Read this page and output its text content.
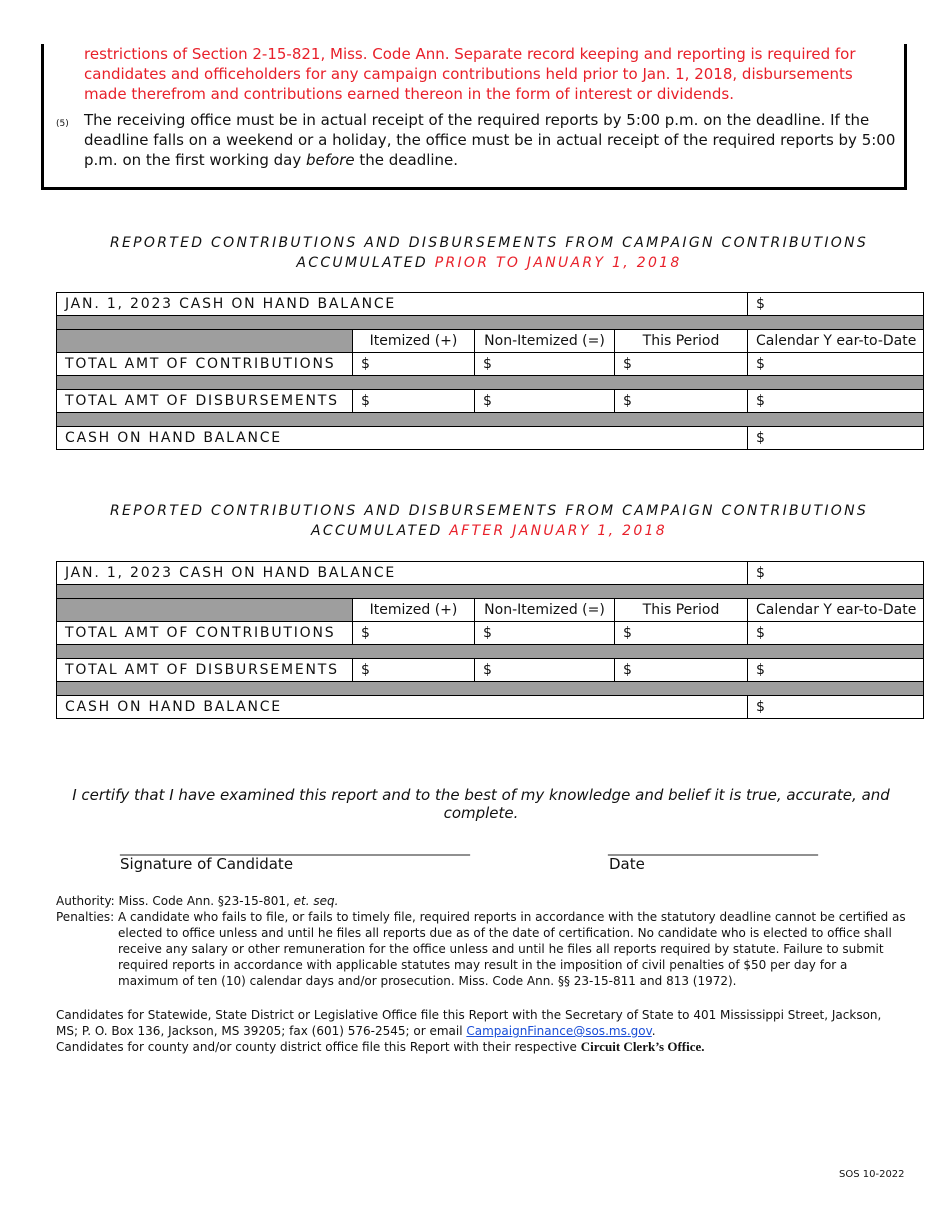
restrictions of Section 2-15-821, Miss. Code Ann. Separate record keeping and reporting is required for candidates and officeholders for any campaign contributions held prior to Jan. 1, 2018, disbursements made therefrom and contributions earned thereon in the form of interest or dividends.
(5) The receiving office must be in actual receipt of the required reports by 5:00 p.m. on the deadline. If the deadline falls on a weekend or a holiday, the office must be in actual receipt of the required reports by 5:00 p.m. on the first working day before the deadline.
REPORTED CONTRIBUTIONS AND DISBURSEMENTS FROM CAMPAIGN CONTRIBUTIONS
ACCUMULATED PRIOR TO JANUARY 1, 2018
JAN. 1, 2023 CASH ON HAND BALANCE				$

	Itemized (+)	Non-Itemized (=)	This Period	Calendar Y ear-to-Date
TOTAL AMT OF CONTRIBUTIONS	$	$	$	$

TOTAL AMT OF DISBURSEMENTS	$	$	$	$

CASH ON HAND BALANCE				$
REPORTED CONTRIBUTIONS AND DISBURSEMENTS FROM CAMPAIGN CONTRIBUTIONS
ACCUMULATED AFTER JANUARY 1, 2018
JAN. 1, 2023 CASH ON HAND BALANCE				$

	Itemized (+)	Non-Itemized (=)	This Period	Calendar Y ear-to-Date
TOTAL AMT OF CONTRIBUTIONS	$	$	$	$

TOTAL AMT OF DISBURSEMENTS	$	$	$	$

CASH ON HAND BALANCE				$
I certify that I have examined this report and to the best of my knowledge and belief it is true, accurate, and complete.
__________________________________________________	______________________________
Signature of Candidate	Date

Authority: Miss. Code Ann. §23-15-801, et. seq.

Penalties: A candidate who fails to file, or fails to timely file, required reports in accordance with the statutory deadline cannot be certified as elected to office unless and until he files all reports due as of the date of certification. No candidate who is elected to office shall receive any salary or other remuneration for the office unless and until he files all reports required by statute. Failure to submit required reports in accordance with applicable statutes may result in the imposition of civil penalties of $50 per day for a maximum of ten (10) calendar days and/or prosecution. Miss. Code Ann. §§ 23-15-811 and 813 (1972).

Candidates for Statewide, State District or Legislative Office file this Report with the Secretary of State to 401 Mississippi Street, Jackson, MS; P. O. Box 136, Jackson, MS 39205; fax (601) 576-2545; or email CampaignFinance@sos.ms.gov.
Candidates for county and/or county district office file this Report with their respective Circuit Clerk’s Office.
SOS 10-2022
